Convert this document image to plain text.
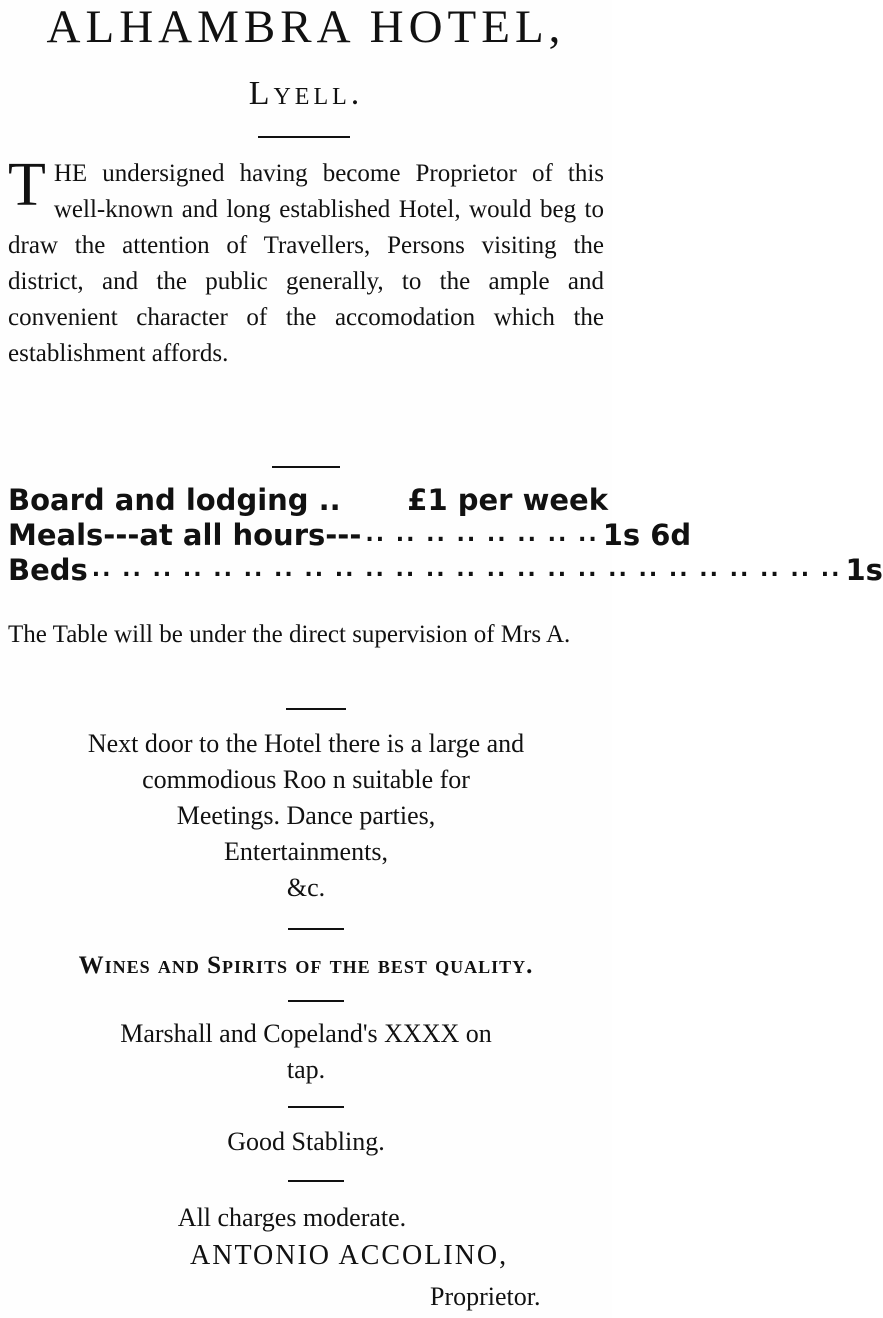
ALHAMBRA HOTEL,
Lyell.
T HE undersigned having become Proprietor of this well-known and long established Hotel, would beg to draw the attention of Travellers, Persons visiting the district, and the public generally, to the ample and convenient character of the accomodation which the establishment affords.
Board and lodging .. £1 per week
Meals---at all hours--- .. .. .. .. .. .. .. .. 1s 6d
Beds .. .. .. .. .. .. .. .. .. .. .. .. .. .. .. .. .. .. .. .. .. .. .. .. .. 1s
The Table will be under the direct supervision of Mrs A.
Next door to the Hotel there is a large and
commodious Roo n suitable for
Meetings. Dance parties,
Entertainments,
&c.
Wines and Spirits of the best quality.
Marshall and Copeland's XXXX on
tap.
Good Stabling.
All charges moderate.
ANTONIO ACCOLINO,
Proprietor.
